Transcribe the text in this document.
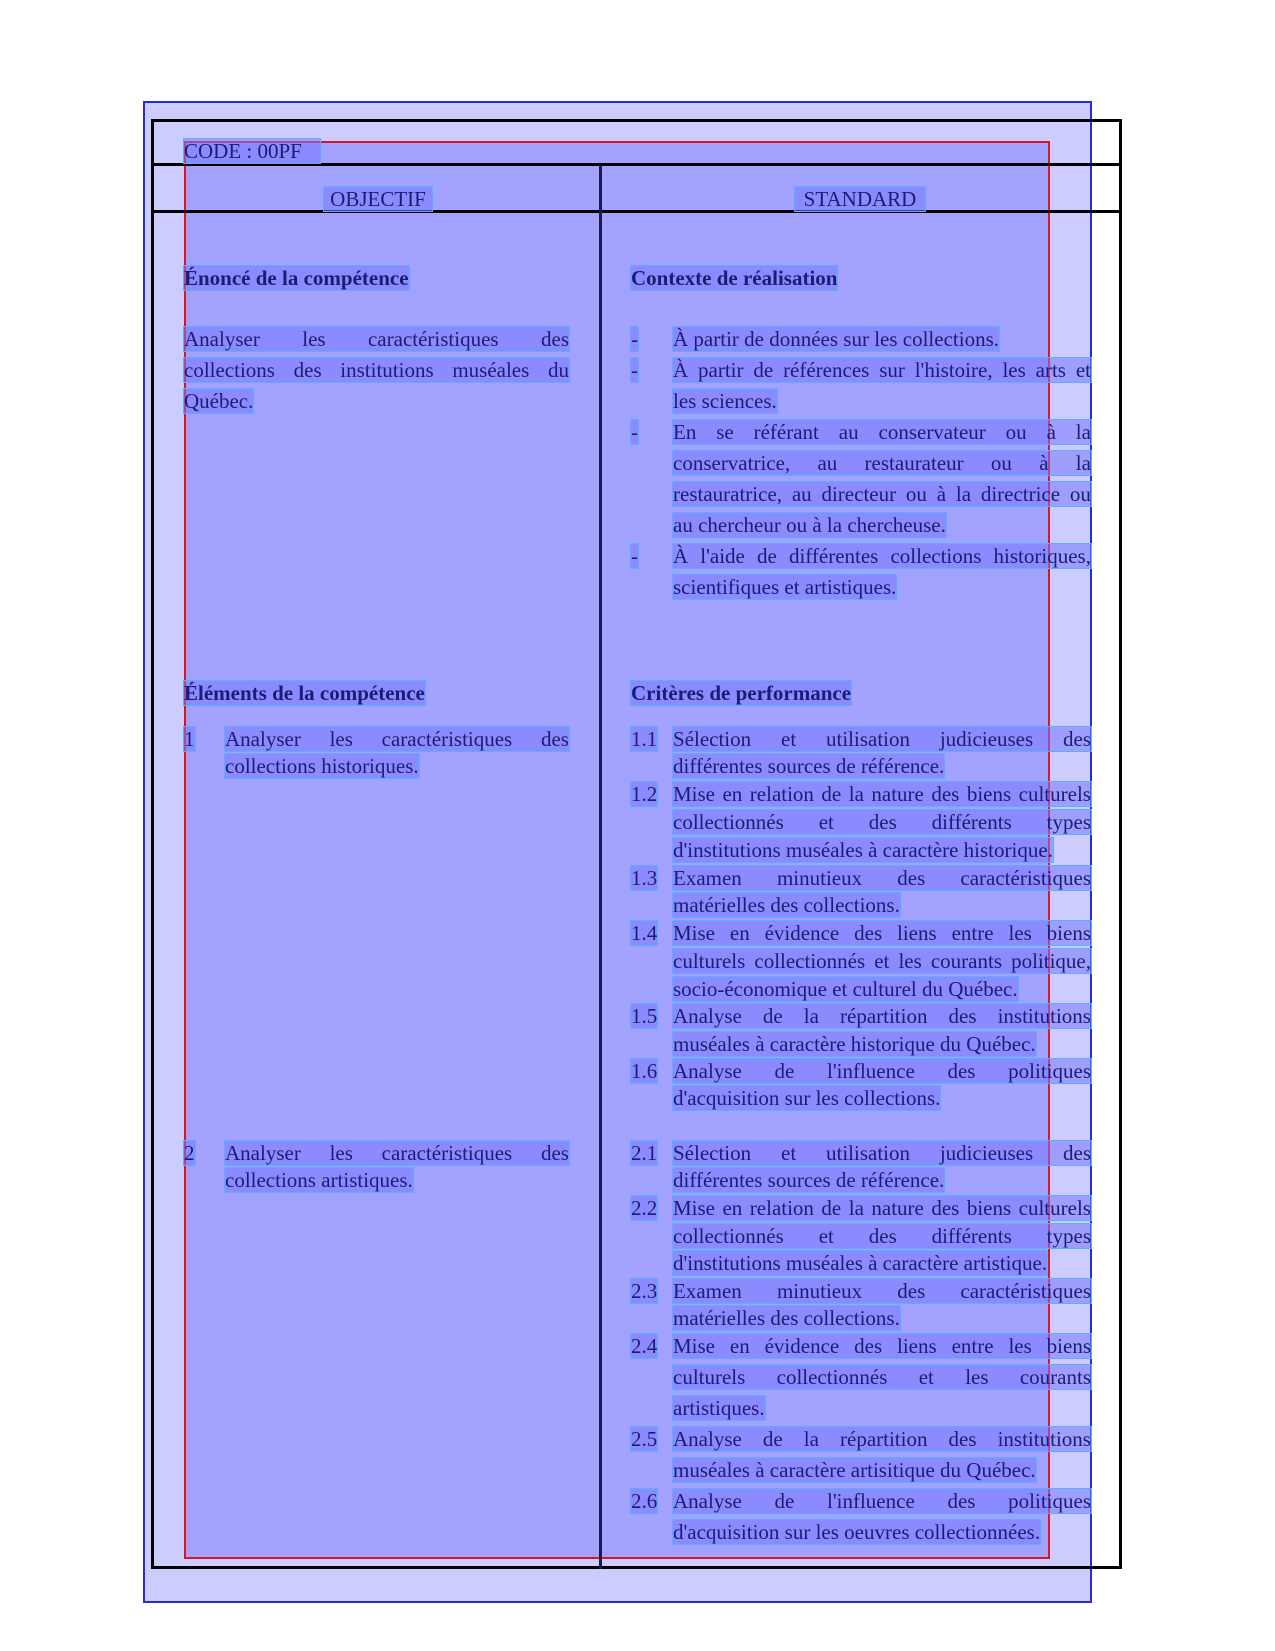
CODE : 00PF
OBJECTIF	STANDARD
Énoncé de la compétence
Analyser les caractéristiques des
collections des institutions muséales du
Québec.
Éléments de la compétence
1 Analyser les caractéristiques des
collections historiques.
2 Analyser les caractéristiques des
collections artistiques.
Contexte de réalisation
- À partir de données sur les collections.
- À partir de références sur l'histoire, les arts et
les sciences.
- En se référant au conservateur ou à la
conservatrice, au restaurateur ou à la
restauratrice, au directeur ou à la directrice ou
au chercheur ou à la chercheuse.
- À l'aide de différentes collections historiques,
scientifiques et artistiques.
Critères de performance
1.1 Sélection et utilisation judicieuses des
différentes sources de référence.
1.2 Mise en relation de la nature des biens culturels
collectionnés et des différents types
d'institutions muséales à caractère historique.
1.3 Examen minutieux des caractéristiques
matérielles des collections.
1.4 Mise en évidence des liens entre les biens
culturels collectionnés et les courants politique,
socio-économique et culturel du Québec.
1.5 Analyse de la répartition des institutions
muséales à caractère historique du Québec.
1.6 Analyse de l'influence des politiques
d'acquisition sur les collections.
2.1 Sélection et utilisation judicieuses des
différentes sources de référence.
2.2 Mise en relation de la nature des biens culturels
collectionnés et des différents types
d'institutions muséales à caractère artistique.
2.3 Examen minutieux des caractéristiques
matérielles des collections.
2.4 Mise en évidence des liens entre les biens
culturels collectionnés et les courants
artistiques.
2.5 Analyse de la répartition des institutions
muséales à caractère artisitique du Québec.
2.6 Analyse de l'influence des politiques
d'acquisition sur les oeuvres collectionnées.
